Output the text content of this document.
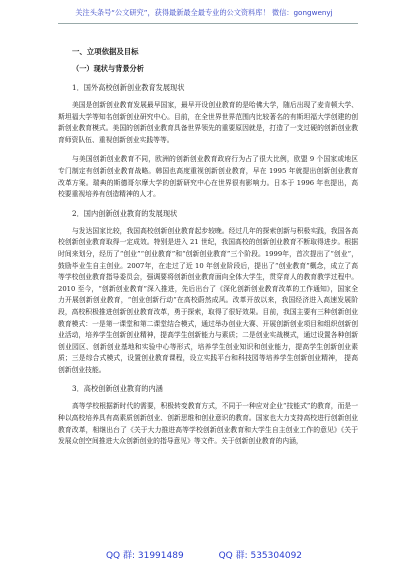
关注头条号“公文研究”，获得最新最全最专业的公文资料库！ 微信：gongwenyj
一、立项依据及目标
（一）现状与背景分析
1．国外高校创新创业教育发展现状

美国是创新创业教育发展最早国家，最早开设创业教育的是哈佛大学，随后出现了麦肯顿大学、斯坦福大学等知名创新创业研究中心。目前，在全世界世界范围内比较著名的有斯坦福大学创建的创新创业教育模式。美国的创新创业教育具备世界领先的重要原因就是，打造了一支过硬的创新创业教育师资队伍、重视创新创业实践等等。

与美国创新创业教育不同，欧洲的创新创业教育政府行为占了很大比例，欧盟 9 个国家或地区专门制定有创新创业教育战略。韩国也高度重视创新创业教育，早在 1995 年就提出创新创业教育改革方案。瑞典的斯德哥尔摩大学的创新研究中心在世界很有影响力。日本于 1996 年也提出，高校要重视培养有创造精神的人才。

2．国内创新创业教育的发展现状

与发达国家比较，我国高校创新创业教育起步较晚。经过几年的探索创新与积极实践，我国各高校创新创业教育取得一定成效。特别是进入 21 世纪，我国高校的创新创业教育不断取得进步。根据时间来划分，经历了“创业”“创业教育”和“创新创业教育”三个阶段。1999年，首次提出了“创业”，鼓励毕业生自主创业。2007年，在走过了近 10 年创业阶段后，提出了“创业教育”概念，成立了高等学校创业教育指导委员会，强调要将创新创业教育面向全体大学生，贯穿育人的教育教学过程中。2010 至今，“创新创业教育”深入推进，先后出台了《深化创新创业教育改革的工作通知》，国家全力开展创新创业教育，“创业创新行动”在高校蔚然成风。改革开放以来，我国经济进入高速发展阶段，高校积极推进创新创业教育改革，勇于探索，取得了很好效果。目前，我国主要有三种创新创业教育模式：一是第一课堂和第二课堂结合模式，通过举办创业大赛、开展创新创业项目和组织创新创业活动，培养学生创新创业精神，提高学生创新能力与素质；二是创业实战模式，通过设置各种创新创业园区、创新创业基地和实验中心等形式，培养学生创业知识和创业能力，提高学生创新创业素质；三是综合式模式，设置创业教育课程，设立实践平台和科技园等培养学生创新创业精神， 提高创新创业技能。

3．高校创新创业教育的内涵

高等学校根据新时代的需要，积极转变教育方式，不同于一种应对企业“技能式”的教育，而是一种以高校培养具有高素质创新创业、创新思维和创业意识的教育。国家也大力支持高校进行创新创业教育改革，相继出台了《关于大力推进高等学校创新创业教育和大学生自主创业工作的意见》《关于发展众创空间推进大众创新创业的指导意见》等文件。关于创新创业教育的内涵，

QQ 群: 31991489	QQ 群: 535304092
